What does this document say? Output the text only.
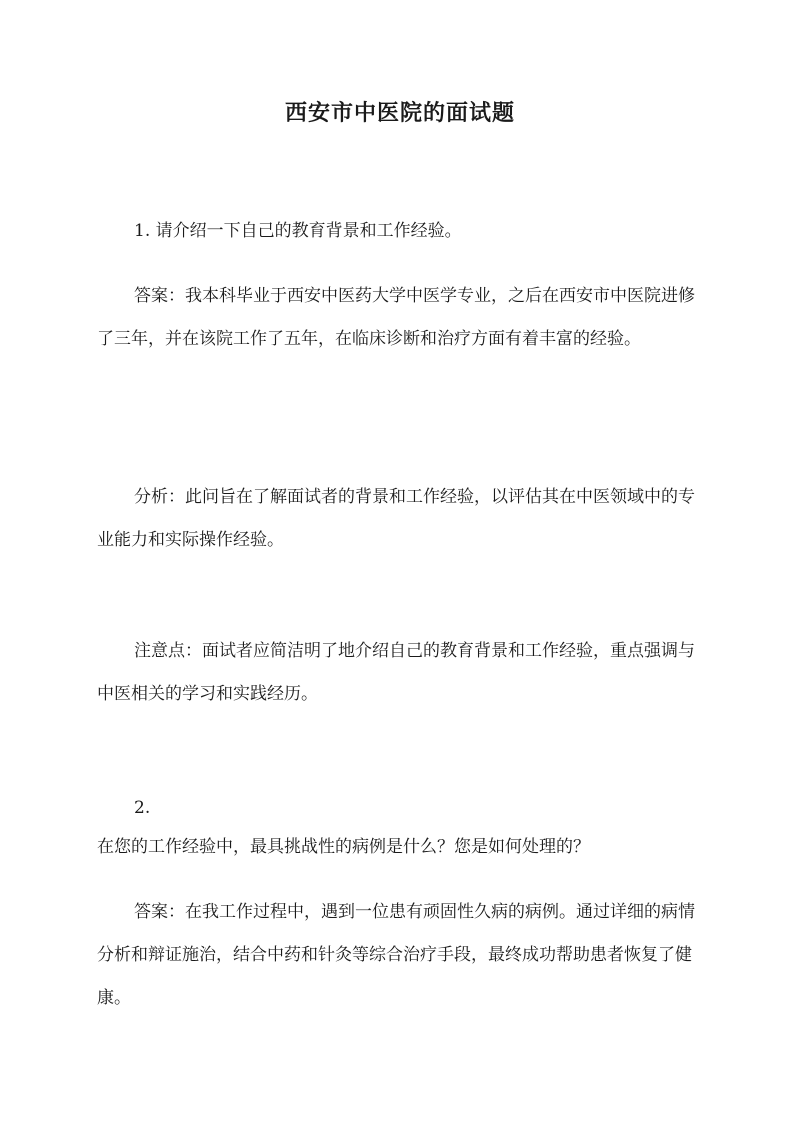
西安市中医院的面试题

1. 请介绍一下自己的教育背景和工作经验。

答案：我本科毕业于西安中医药大学中医学专业，之后在西安市中医院进修了三年，并在该院工作了五年，在临床诊断和治疗方面有着丰富的经验。

分析：此问旨在了解面试者的背景和工作经验，以评估其在中医领域中的专业能力和实际操作经验。

注意点：面试者应简洁明了地介绍自己的教育背景和工作经验，重点强调与中医相关的学习和实践经历。

2.

在您的工作经验中，最具挑战性的病例是什么？您是如何处理的？

答案：在我工作过程中，遇到一位患有顽固性久病的病例。通过详细的病情分析和辩证施治，结合中药和针灸等综合治疗手段，最终成功帮助患者恢复了健康。
